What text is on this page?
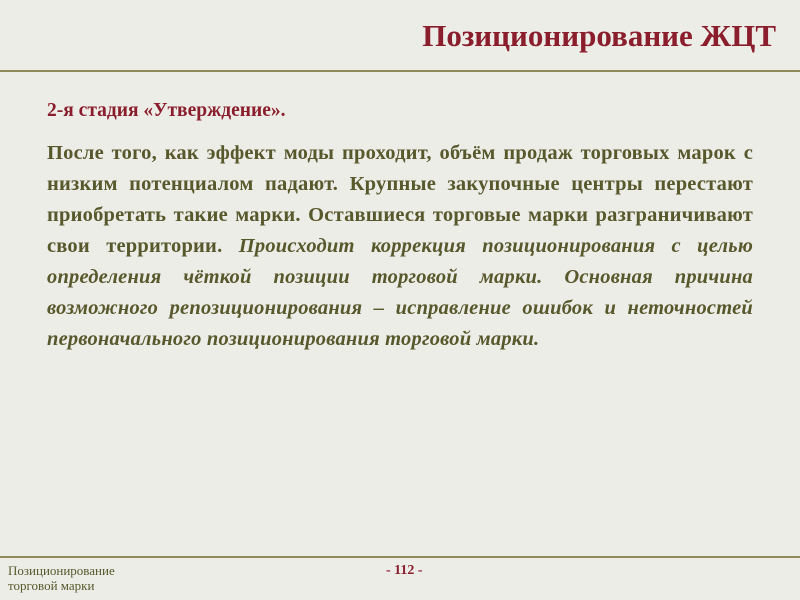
Позиционирование ЖЦТ

2-я стадия «Утверждение».

После того, как эффект моды проходит, объём продаж торговых марок с низким потенциалом падают. Крупные закупочные центры перестают приобретать такие марки. Оставшиеся торговые марки разграничивают свои территории. Происходит коррекция позиционирования с целью определения чёткой позиции торговой марки. Основная причина возможного репозиционирования – исправление ошибок и неточностей первоначального позиционирования торговой марки.

Позиционирование
торговой марки
- 112 -
